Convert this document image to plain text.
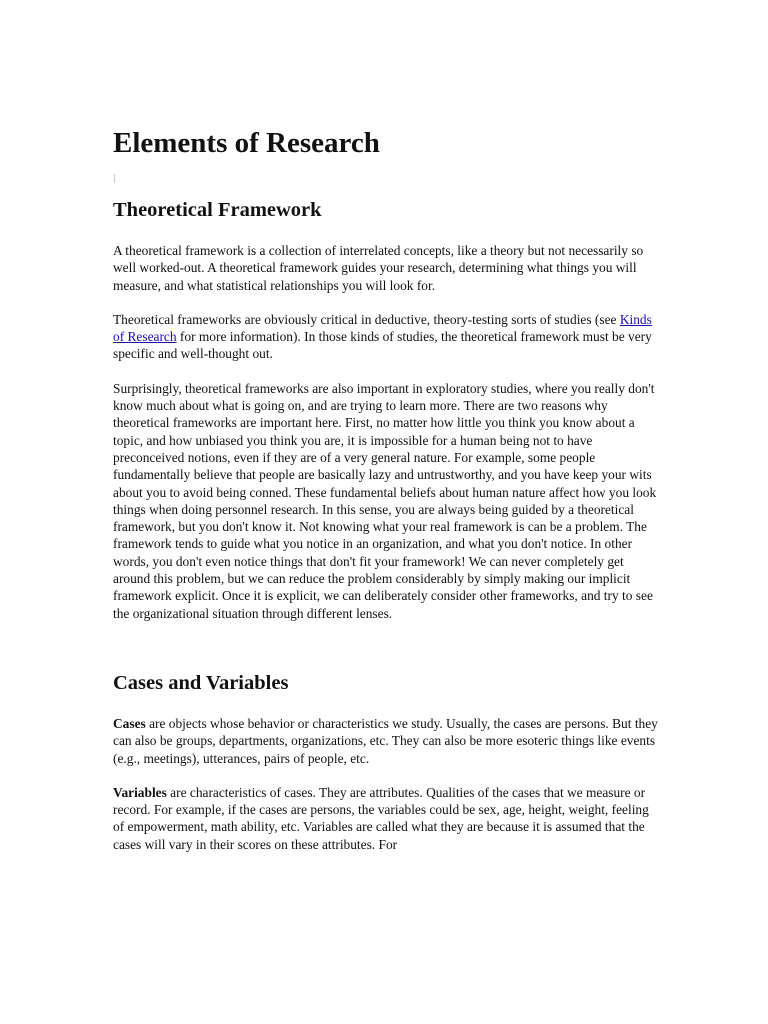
Elements of Research
Theoretical Framework

A theoretical framework is a collection of interrelated concepts, like a theory but not necessarily so well worked-out. A theoretical framework guides your research, determining what things you will measure, and what statistical relationships you will look for.

Theoretical frameworks are obviously critical in deductive, theory-testing sorts of studies (see Kinds of Research for more information). In those kinds of studies, the theoretical framework must be very specific and well-thought out.

Surprisingly, theoretical frameworks are also important in exploratory studies, where you really don't know much about what is going on, and are trying to learn more. There are two reasons why theoretical frameworks are important here. First, no matter how little you think you know about a topic, and how unbiased you think you are, it is impossible for a human being not to have preconceived notions, even if they are of a very general nature. For example, some people fundamentally believe that people are basically lazy and untrustworthy, and you have keep your wits about you to avoid being conned. These fundamental beliefs about human nature affect how you look things when doing personnel research. In this sense, you are always being guided by a theoretical framework, but you don't know it. Not knowing what your real framework is can be a problem. The framework tends to guide what you notice in an organization, and what you don't notice. In other words, you don't even notice things that don't fit your framework! We can never completely get around this problem, but we can reduce the problem considerably by simply making our implicit framework explicit. Once it is explicit, we can deliberately consider other frameworks, and try to see the organizational situation through different lenses.

Cases and Variables

Cases are objects whose behavior or characteristics we study. Usually, the cases are persons. But they can also be groups, departments, organizations, etc. They can also be more esoteric things like events (e.g., meetings), utterances, pairs of people, etc.

Variables are characteristics of cases. They are attributes. Qualities of the cases that we measure or record. For example, if the cases are persons, the variables could be sex, age, height, weight, feeling of empowerment, math ability, etc. Variables are called what they are because it is assumed that the cases will vary in their scores on these attributes. For
